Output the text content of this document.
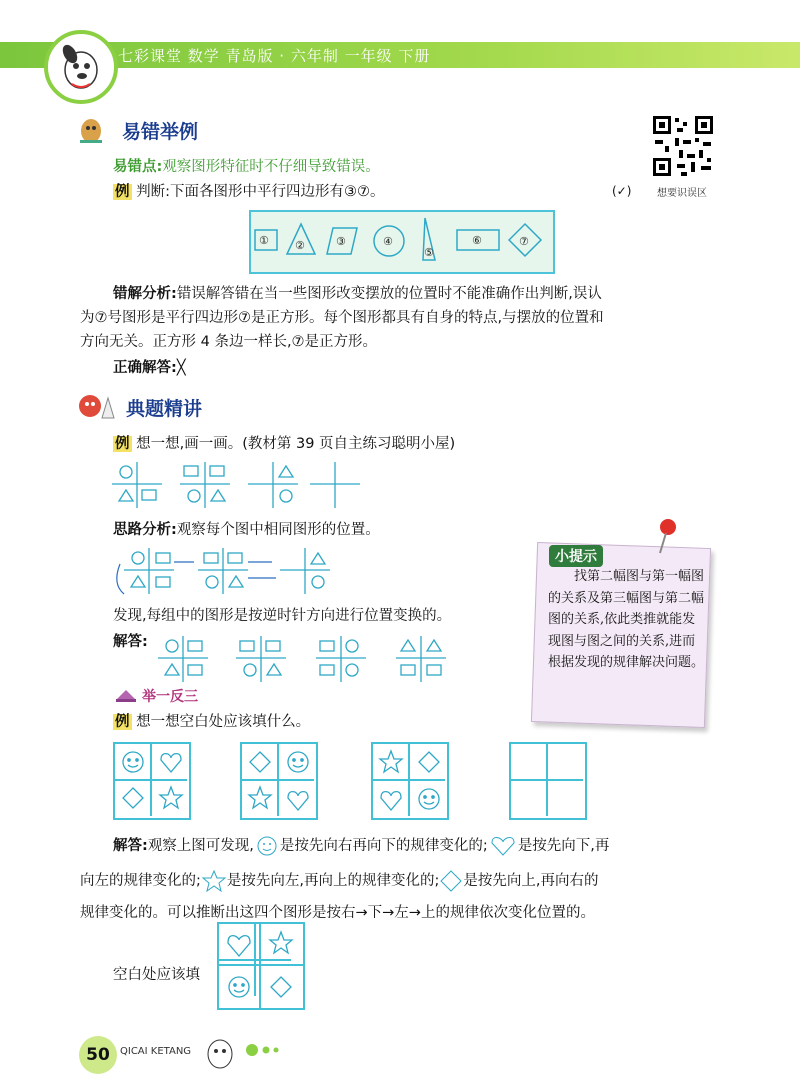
七彩课堂 数学 青岛版 · 六年制 一年级 下册
易错举例
(✓)	想要识误区
易错点:观察图形特征时不仔细导致错误。
例 判断:下面各图形中平行四边形有③⑦。
① ②	③	④
⑤
⑥	⑦
错解分析:错误解答错在当一些图形改变摆放的位置时不能准确作出判断,误认
为⑦号图形是平行四边形⑦是正方形。每个图形都具有自身的特点,与摆放的位置和
方向无关。正方形 4 条边一样长,⑦是正方形。
正确解答:╳
典题精讲
例 想一想,画一画。(教材第 39 页自主练习聪明小屋)
思路分析:观察每个图中相同图形的位置。
发现,每组中的图形是按逆时针方向进行位置变换的。
解答:
小提示
找第二幅图与第一幅图的关系及第三幅图与第二幅图的关系,依此类推就能发现图与图之间的关系,进而根据发现的规律解决问题。
举一反三
例 想一想空白处应该填什么。
解答:观察上图可发现, 是按先向右再向下的规律变化的; 是按先向下,再
向左的规律变化的; 是按先向左,再向上的规律变化的; 是按先向上,再向右的
规律变化的。可以推断出这四个图形是按右→下→左→上的规律依次变化位置的。
空白处应该填
50	QICAI KETANG
